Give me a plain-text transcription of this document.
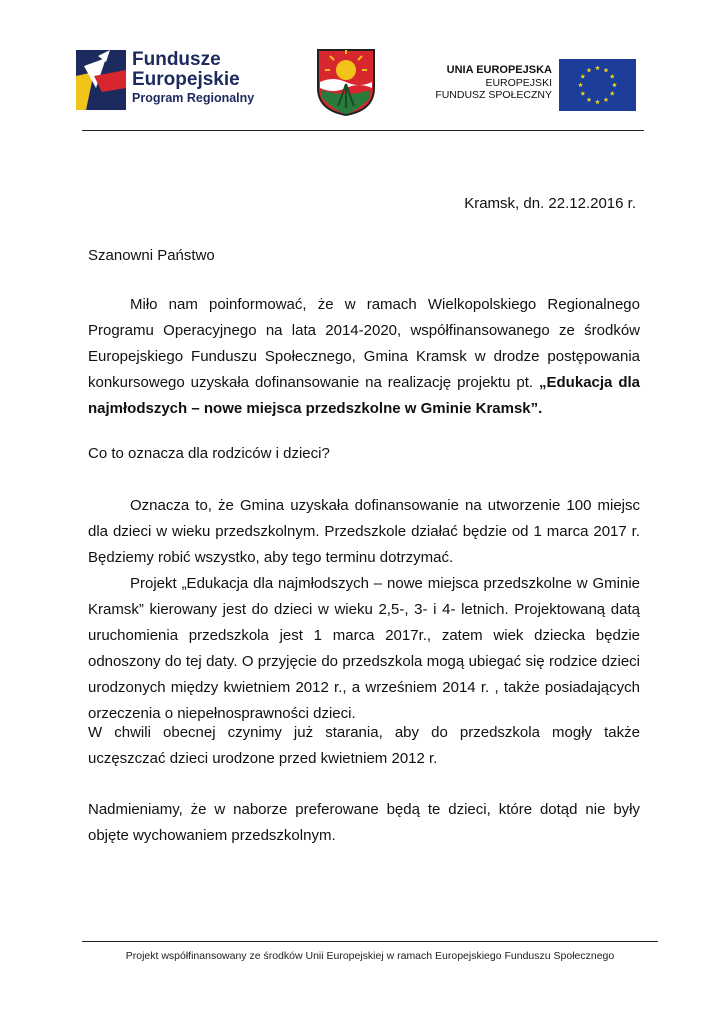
Fundusze
Europejskie
Program Regionalny
UNIA EUROPEJSKA
EUROPEJSKI
FUNDUSZ SPOŁECZNY
Kramsk, dn. 22.12.2016 r.

Szanowni Państwo

Miło nam poinformować, że w ramach Wielkopolskiego Regionalnego Programu Operacyjnego na lata 2014-2020, współfinansowanego ze środków Europejskiego Funduszu Społecznego, Gmina Kramsk w drodze postępowania konkursowego uzyskała dofinansowanie na realizację projektu pt. „Edukacja dla najmłodszych – nowe miejsca przedszkolne w Gminie Kramsk”.

Co to oznacza dla rodziców i dzieci?

Oznacza to, że Gmina uzyskała dofinansowanie na utworzenie 100 miejsc dla dzieci w wieku przedszkolnym. Przedszkole działać będzie od 1 marca 2017 r. Będziemy robić wszystko, aby tego terminu dotrzymać.

Projekt „Edukacja dla najmłodszych – nowe miejsca przedszkolne w Gminie Kramsk” kierowany jest do dzieci w wieku 2,5-, 3- i 4- letnich. Projektowaną datą uruchomienia przedszkola jest 1 marca 2017r., zatem wiek dziecka będzie odnoszony do tej daty. O przyjęcie do przedszkola mogą ubiegać się rodzice dzieci urodzonych między kwietniem 2012 r., a wrześniem 2014 r. , także posiadających orzeczenia o niepełnosprawności dzieci.

W chwili obecnej czynimy już starania, aby do przedszkola mogły także uczęszczać dzieci urodzone przed kwietniem 2012 r.

Nadmieniamy, że w naborze preferowane będą te dzieci, które dotąd nie były objęte wychowaniem przedszkolnym.

Projekt współfinansowany ze środków Unii Europejskiej w ramach Europejskiego Funduszu Społecznego
